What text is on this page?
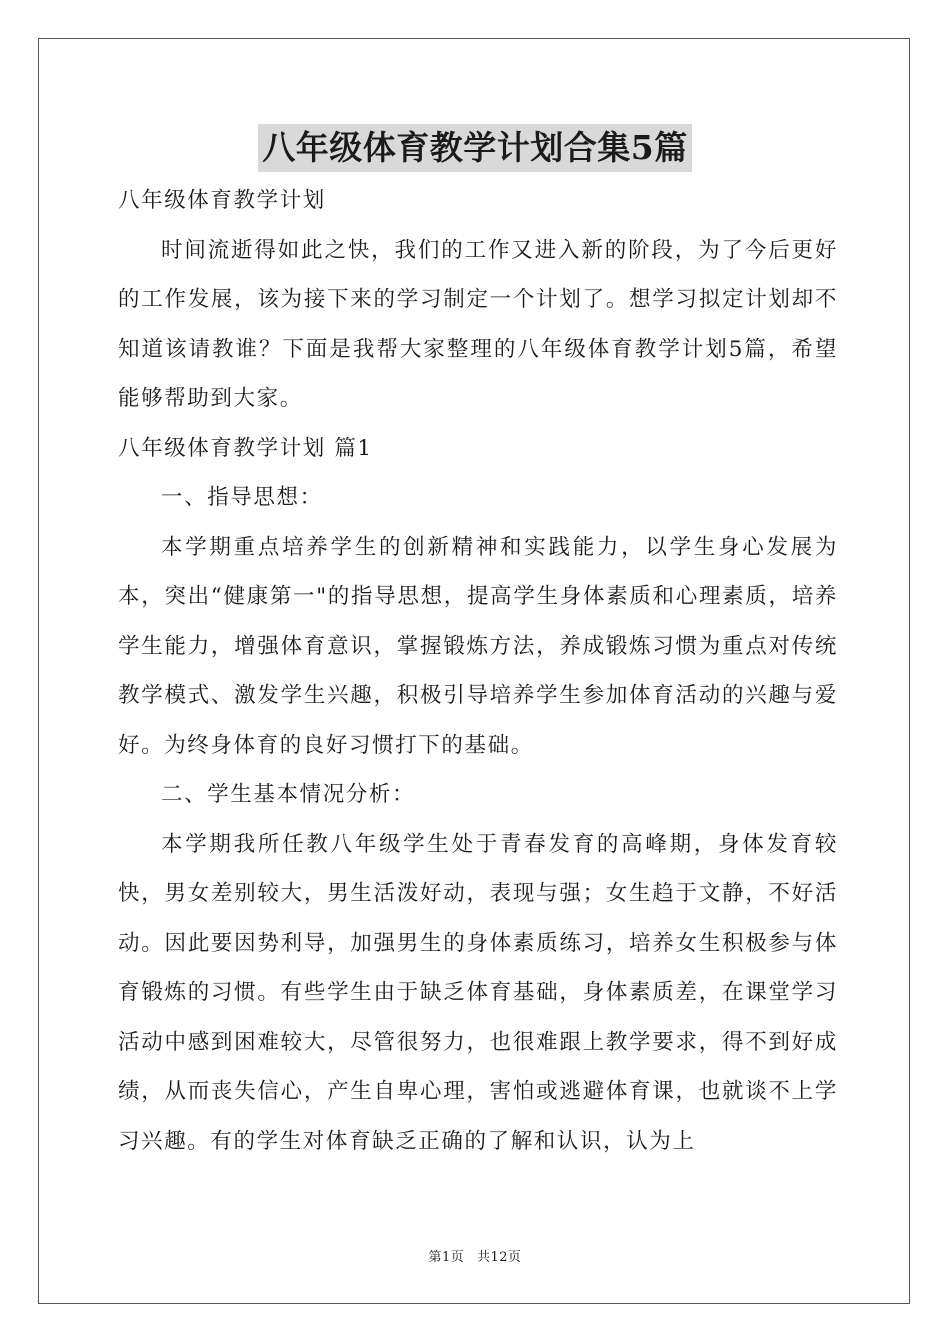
八年级体育教学计划合集5篇

八年级体育教学计划

时间流逝得如此之快，我们的工作又进入新的阶段，为了今后更好的工作发展，该为接下来的学习制定一个计划了。想学习拟定计划却不知道该请教谁？下面是我帮大家整理的八年级体育教学计划5篇，希望能够帮助到大家。

八年级体育教学计划 篇1

一、指导思想：

本学期重点培养学生的创新精神和实践能力，以学生身心发展为本，突出“健康第一"的指导思想，提高学生身体素质和心理素质，培养学生能力，增强体育意识，掌握锻炼方法，养成锻炼习惯为重点对传统教学模式、激发学生兴趣，积极引导培养学生参加体育活动的兴趣与爱好。为终身体育的良好习惯打下的基础。

二、学生基本情况分析：

本学期我所任教八年级学生处于青春发育的高峰期，身体发育较快，男女差别较大，男生活泼好动，表现与强；女生趋于文静，不好活动。因此要因势利导，加强男生的身体素质练习，培养女生积极参与体育锻炼的习惯。有些学生由于缺乏体育基础，身体素质差，在课堂学习活动中感到困难较大，尽管很努力，也很难跟上教学要求，得不到好成绩，从而丧失信心，产生自卑心理，害怕或逃避体育课，也就谈不上学习兴趣。有的学生对体育缺乏正确的了解和认识，认为上

第1页 共12页
